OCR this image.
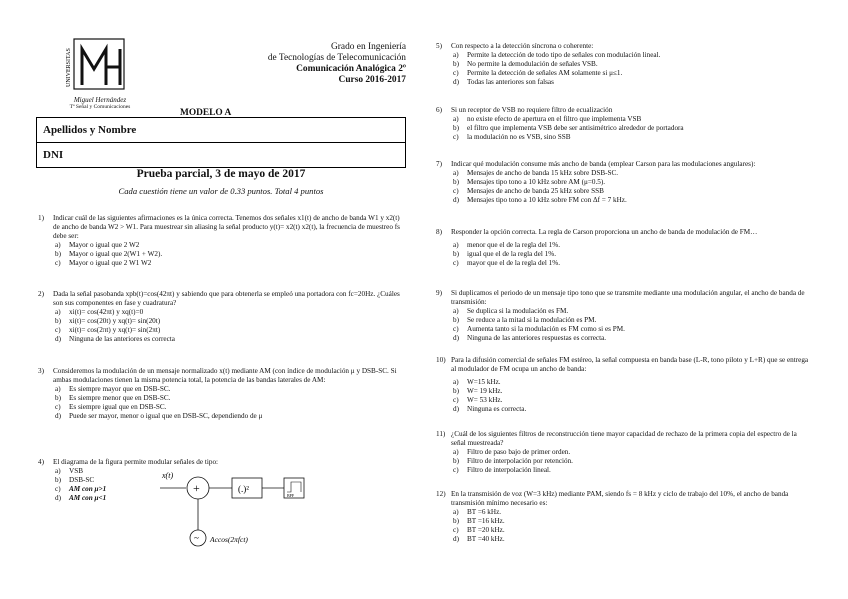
UNIVERSITAS
Miguel Hernández
Tª Señal y Comunicaciones
Grado en Ingeniería
de Tecnologías de Telecomunicación
Comunicación Analógica 2º
Curso 2016-2017
MODELO A
Apellidos y Nombre
DNI
Prueba parcial, 3 de mayo de 2017
Cada cuestión tiene un valor de 0.33 puntos. Total 4 puntos
1)	Indicar cuál de las siguientes afirmaciones es la única correcta. Tenemos dos señales x1(t) de ancho de banda W1 y x2(t) de ancho de banda W2 > W1. Para muestrear sin aliasing la señal producto y(t)= x2(t) x2(t), la frecuencia de muestreo fs debe ser:
a)	Mayor o igual que 2 W2
b)	Mayor o igual que 2(W1 + W2).
c)	Mayor o igual que 2 W1 W2
2)	Dada la señal pasobanda xpb(t)=cos(42πt) y sabiendo que para obtenerla se empleó una portadora con fc=20Hz. ¿Cuáles son sus componentes en fase y cuadratura?
a)	xi(t)= cos(42πt) y xq(t)=0
b)	xi(t)= cos(20t) y xq(t)= sin(20t)
c)	xi(t)= cos(2πt) y xq(t)= sin(2πt)
d)	Ninguna de las anteriores es correcta
3)	Consideremos la modulación de un mensaje normalizado x(t) mediante AM (con índice de modulación μ y DSB-SC. Si ambas modulaciones tienen la misma potencia total, la potencia de las bandas laterales de AM:
a)	Es siempre mayor que en DSB-SC.
b)	Es siempre menor que en DSB-SC.
c)	Es siempre igual que en DSB-SC.
d)	Puede ser mayor, menor o igual que en DSB-SC, dependiendo de μ
4)	El diagrama de la figura permite modular señales de tipo:
a)	VSB
b)	DSB-SC
c)	AM con μ>1
d)	AM con μ<1
x(t)
+	(.)²
BPF
~ Accos(2πfct)
5)	Con respecto a la detección síncrona o coherente:
a)	Permite la detección de todo tipo de señales con modulación lineal.
b)	No permite la demodulación de señales VSB.
c)	Permite la detección de señales AM solamente si μ≤1.
d)	Todas las anteriores son falsas
6)	Si un receptor de VSB no requiere filtro de ecualización
a)	no existe efecto de apertura en el filtro que implementa VSB
b)	el filtro que implementa VSB debe ser antisimétrico alrededor de portadora
c)	la modulación no es VSB, sino SSB
7)	Indicar qué modulación consume más ancho de banda (emplear Carson para las modulaciones angulares):
a)	Mensajes de ancho de banda 15 kHz sobre DSB-SC.
b)	Mensajes tipo tono a 10 kHz sobre AM (μ=0.5).
c)	Mensajes de ancho de banda 25 kHz sobre SSB
d)	Mensajes tipo tono a 10 kHz sobre FM con Δf = 7 kHz.
8)	Responder la opción correcta. La regla de Carson proporciona un ancho de banda de modulación de FM…
a)	menor que el de la regla del 1%.
b)	igual que el de la regla del 1%.
c)	mayor que el de la regla del 1%.
9)	Si duplicamos el periodo de un mensaje tipo tono que se transmite mediante una modulación angular, el ancho de banda de transmisión:
a)	Se duplica si la modulación es FM.
b)	Se reduce a la mitad si la modulación es PM.
c)	Aumenta tanto si la modulación es FM como si es PM.
d)	Ninguna de las anteriores respuestas es correcta.
10) Para la difusión comercial de señales FM estéreo, la señal compuesta en banda base (L-R, tono piloto y L+R) que se entrega al modulador de FM ocupa un ancho de banda:
a)	W=15 kHz.
b)	W= 19 kHz.
c)	W= 53 kHz.
d)	Ninguna es correcta.
11) ¿Cuál de los siguientes filtros de reconstrucción tiene mayor capacidad de rechazo de la primera copia del espectro de la señal muestreada?
a)	Filtro de paso bajo de primer orden.
b)	Filtro de interpolación por retención.
c)	Filtro de interpolación lineal.
12) En la transmisión de voz (W=3 kHz) mediante PAM, siendo fs = 8 kHz y ciclo de trabajo del 10%, el ancho de banda transmisión mínimo necesario es:
a)	BT =6 kHz.
b)	BT =16 kHz.
c)	BT =20 kHz.
d)	BT =40 kHz.
